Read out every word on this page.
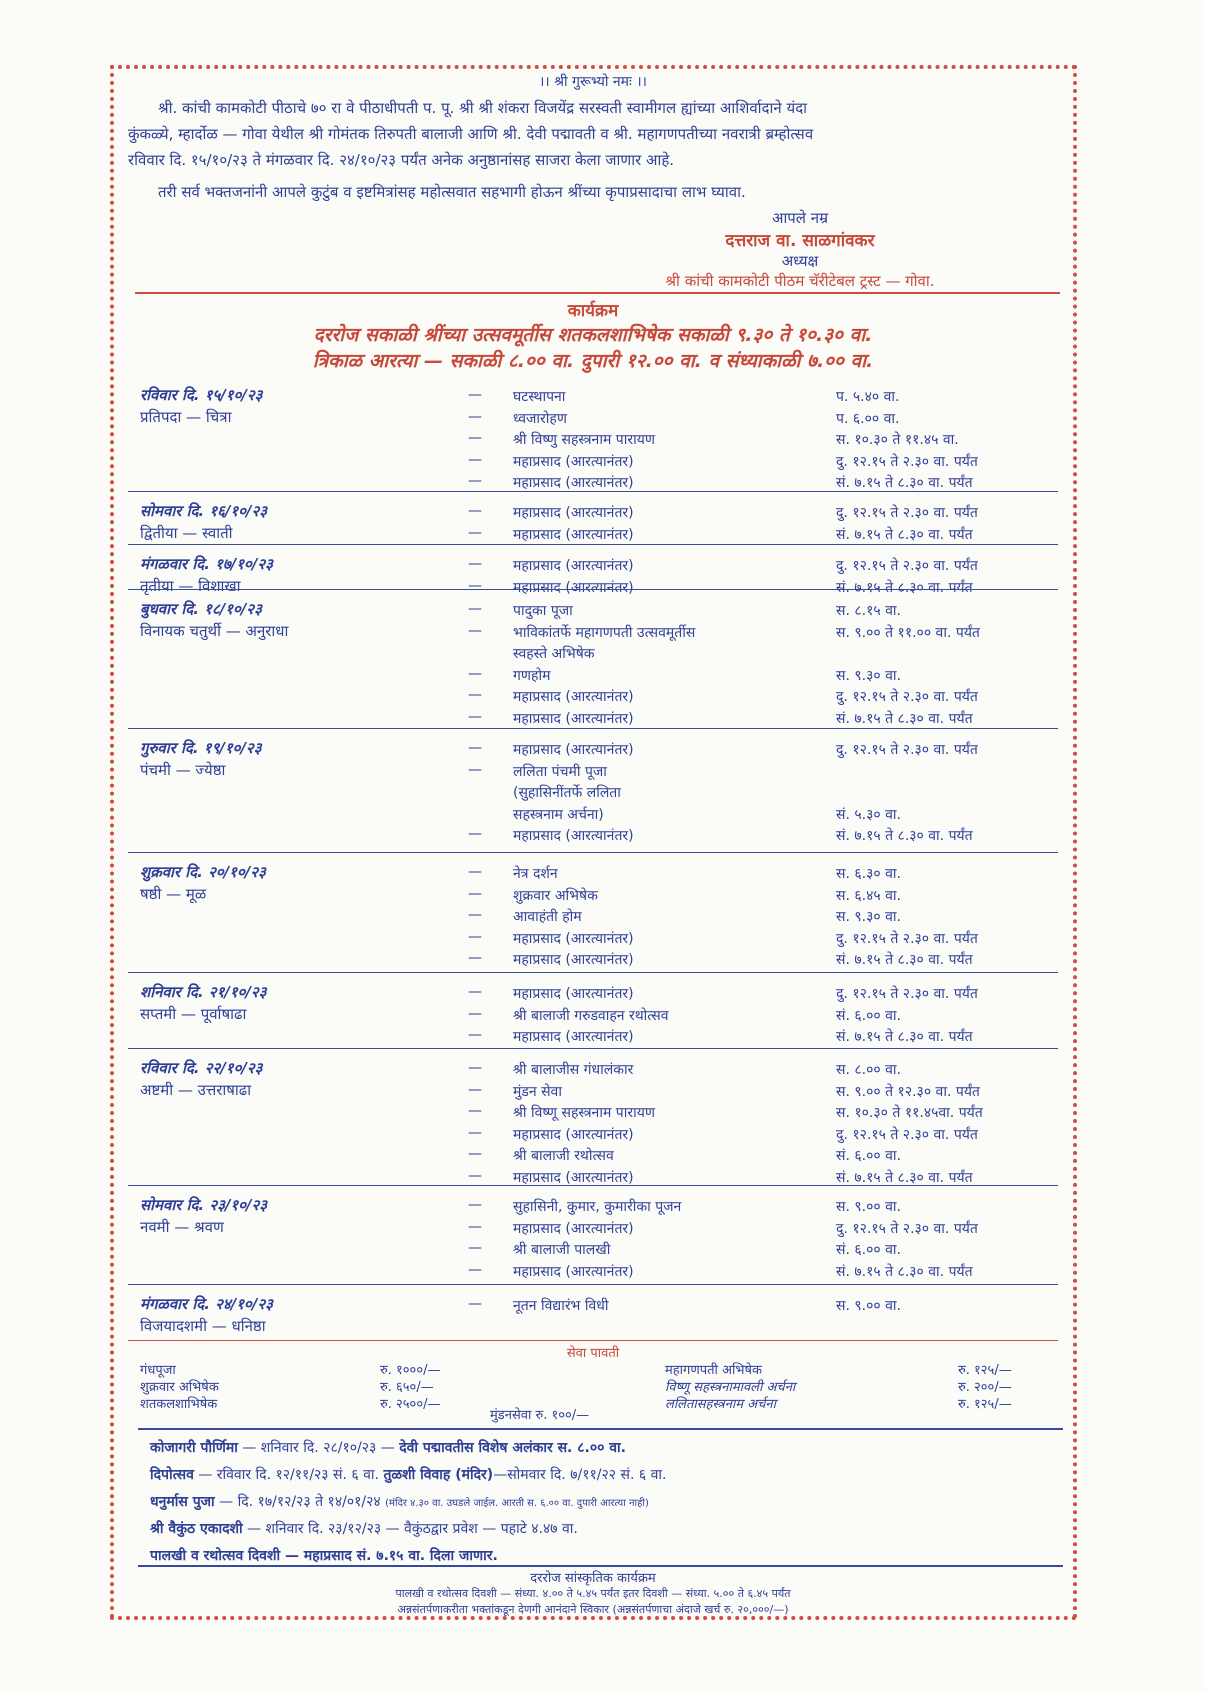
।। श्री गुरूभ्यो नमः ।।

श्री. कांची कामकोटी पीठाचे ७० रा वे पीठाधीपती प. पू. श्री श्री शंकरा विजयेंद्र सरस्वती स्वामीगल ह्यांच्या आशिर्वादाने यंदा

कुंकळ्ये, म्हार्दोळ — गोवा येथील श्री गोमंतक तिरुपती बालाजी आणि श्री. देवी पद्मावती व श्री. महागणपतीच्या नवरात्री ब्रम्होत्सव
रविवार दि. १५/१०/२३ ते मंगळवार दि. २४/१०/२३ पर्यंत अनेक अनुष्ठानांसह साजरा केला जाणार आहे.

तरी सर्व भक्तजनांनी आपले कुटुंब व इष्टमित्रांसह महोत्सवात सहभागी होऊन श्रींच्या कृपाप्रसादाचा लाभ घ्यावा.

आपले नम्र
दत्तराज वा. साळगांवकर
अध्यक्ष
श्री कांची कामकोटी पीठम चॅरीटेबल ट्रस्ट — गोवा.
कार्यक्रम
दररोज सकाळी श्रींच्या उत्सवमूर्तीस शतकलशाभिषेक सकाळी ९.३० ते १०.३० वा.
त्रिकाळ आरत्या — सकाळी ८.०० वा. दुपारी १२.०० वा. व संध्याकाळी ७.०० वा.
रविवार दि. १५/१०/२३
प्रतिपदा — चित्रा
— घटस्थापना	प. ५.४० वा.
— ध्वजारोहण	प. ६.०० वा.
— श्री विष्णु सहस्त्रनाम पारायण	स. १०.३० ते ११.४५ वा.
— महाप्रसाद (आरत्यानंतर)	दु. १२.१५ ते २.३० वा. पर्यंत
— महाप्रसाद (आरत्यानंतर)	सं. ७.१५ ते ८.३० वा. पर्यंत
सोमवार दि. १६/१०/२३
द्वितीया — स्वाती
— महाप्रसाद (आरत्यानंतर)	दु. १२.१५ ते २.३० वा. पर्यंत
— महाप्रसाद (आरत्यानंतर)	सं. ७.१५ ते ८.३० वा. पर्यंत
मंगळवार दि. १७/१०/२३
तृतीया — विशाखा
— महाप्रसाद (आरत्यानंतर)	दु. १२.१५ ते २.३० वा. पर्यंत
— महाप्रसाद (आरत्यानंतर)	सं. ७.१५ ते ८.३० वा. पर्यंत
बुधवार दि. १८/१०/२३
विनायक चतुर्थी — अनुराधा
— पादुका पूजा	स. ८.१५ वा.
— भाविकांतर्फे महागणपती उत्सवमूर्तीस	स. ९.०० ते ११.०० वा. पर्यंत
स्वहस्ते अभिषेक
— गणहोम	स. ९.३० वा.
— महाप्रसाद (आरत्यानंतर)	दु. १२.१५ ते २.३० वा. पर्यंत
— महाप्रसाद (आरत्यानंतर)	सं. ७.१५ ते ८.३० वा. पर्यंत
गुरुवार दि. १९/१०/२३
पंचमी — ज्येष्ठा
— महाप्रसाद (आरत्यानंतर)	दु. १२.१५ ते २.३० वा. पर्यंत
— ललिता पंचमी पूजा
(सुहासिनींतर्फे ललिता
सहस्त्रनाम अर्चना)	सं. ५.३० वा.
— महाप्रसाद (आरत्यानंतर)	सं. ७.१५ ते ८.३० वा. पर्यंत
शुक्रवार दि. २०/१०/२३
षष्ठी — मूळ
— नेत्र दर्शन	स. ६.३० वा.
— शुक्रवार अभिषेक	स. ६.४५ वा.
— आवाहंती होम	स. ९.३० वा.
— महाप्रसाद (आरत्यानंतर)	दु. १२.१५ ते २.३० वा. पर्यंत
— महाप्रसाद (आरत्यानंतर)	सं. ७.१५ ते ८.३० वा. पर्यंत
शनिवार दि. २१/१०/२३
सप्तमी — पूर्वाषाढा
— महाप्रसाद (आरत्यानंतर)	दु. १२.१५ ते २.३० वा. पर्यंत
— श्री बालाजी गरुडवाहन रथोत्सव	सं. ६.०० वा.
— महाप्रसाद (आरत्यानंतर)	सं. ७.१५ ते ८.३० वा. पर्यंत
रविवार दि. २२/१०/२३
अष्टमी — उत्तराषाढा
— श्री बालाजीस गंधालंकार	स. ८.०० वा.
— मुंडन सेवा	स. ९.०० ते १२.३० वा. पर्यंत
— श्री विष्णू सहस्त्रनाम पारायण	स. १०.३० ते ११.४५वा. पर्यंत
— महाप्रसाद (आरत्यानंतर)	दु. १२.१५ ते २.३० वा. पर्यंत
— श्री बालाजी रथोत्सव	सं. ६.०० वा.
— महाप्रसाद (आरत्यानंतर)	सं. ७.१५ ते ८.३० वा. पर्यंत
सोमवार दि. २३/१०/२३
नवमी — श्रवण
— सुहासिनी, कुमार, कुमारीका पूजन	स. ९.०० वा.
— महाप्रसाद (आरत्यानंतर)	दु. १२.१५ ते २.३० वा. पर्यंत
— श्री बालाजी पालखी	सं. ६.०० वा.
— महाप्रसाद (आरत्यानंतर)	सं. ७.१५ ते ८.३० वा. पर्यंत
मंगळवार दि. २४/१०/२३
विजयादशमी — धनिष्ठा
— नूतन विद्यारंभ विधी	स. ९.०० वा.
सेवा पावती
गंधपूजा	रु. १०००/—
शुक्रवार अभिषेक	रु. ६५०/—
शतकलशाभिषेक	रु. २५००/—
महागणपती अभिषेक	रु. १२५/—
विष्णू सहस्त्रनामावली अर्चना	रु. २००/—
ललितासहस्त्रनाम अर्चना	रु. १२५/—
मुंडनसेवा रु. १००/—
कोजागरी पौर्णिमा — शनिवार दि. २८/१०/२३ — देवी पद्मावतीस विशेष अलंकार स. ८.०० वा.
दिपोत्सव — रविवार दि. १२/११/२३ सं. ६ वा. तुळशी विवाह (मंदिर)—सोमवार दि. ७/११/२२ सं. ६ वा.
धनुर्मास पुजा — दि. १७/१२/२३ ते १४/०१/२४ (मंदिर ४.३० वा. उघडले जाईल. आरती स. ६.०० वा. दुपारी आरत्या नाही)
श्री वैकुंठ एकादशी — शनिवार दि. २३/१२/२३ — वैकुंठद्वार प्रवेश — पहाटे ४.४७ वा.
पालखी व रथोत्सव दिवशी — महाप्रसाद सं. ७.१५ वा. दिला जाणार.
दररोज सांस्कृतिक कार्यक्रम
पालखी व रथोत्सव दिवशी — संध्या. ४.०० ते ५.४५ पर्यंत इतर दिवशी — संध्या. ५.०० ते ६.४५ पर्यंत
अन्नसंतर्पणाकरीता भक्तांकडून देणगी आनंदाने स्विकार (अन्नसंतर्पणाचा अंदाजे खर्च रु. २०,०००/—)
